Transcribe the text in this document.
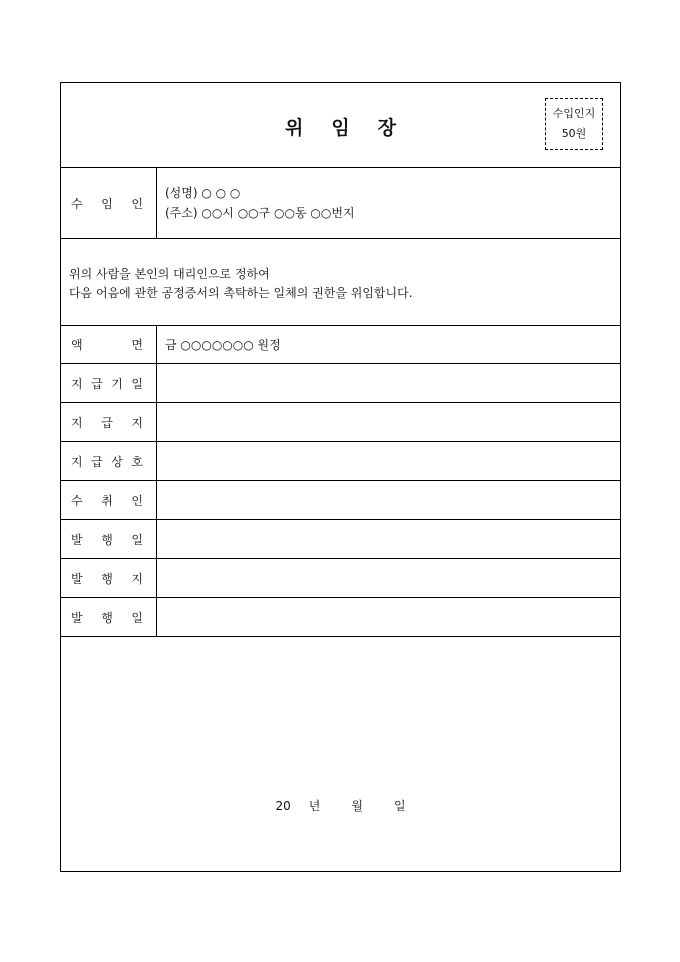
위 임 장
수입인지
50원
수 임 인
(성명) ○ ○ ○
(주소) ○○시 ○○구 ○○동 ○○번지
위의 사람을 본인의 대리인으로 정하여
다음 어음에 관한 공정증서의 촉탁하는 일체의 권한을 위임합니다.
액	면 금 ○○○○○○○ 원정
지 급 기 일
지 급 지
지 급 상 호
수 취 인
발 행 일
발 행 지
발 행 일
20 년	월	일
